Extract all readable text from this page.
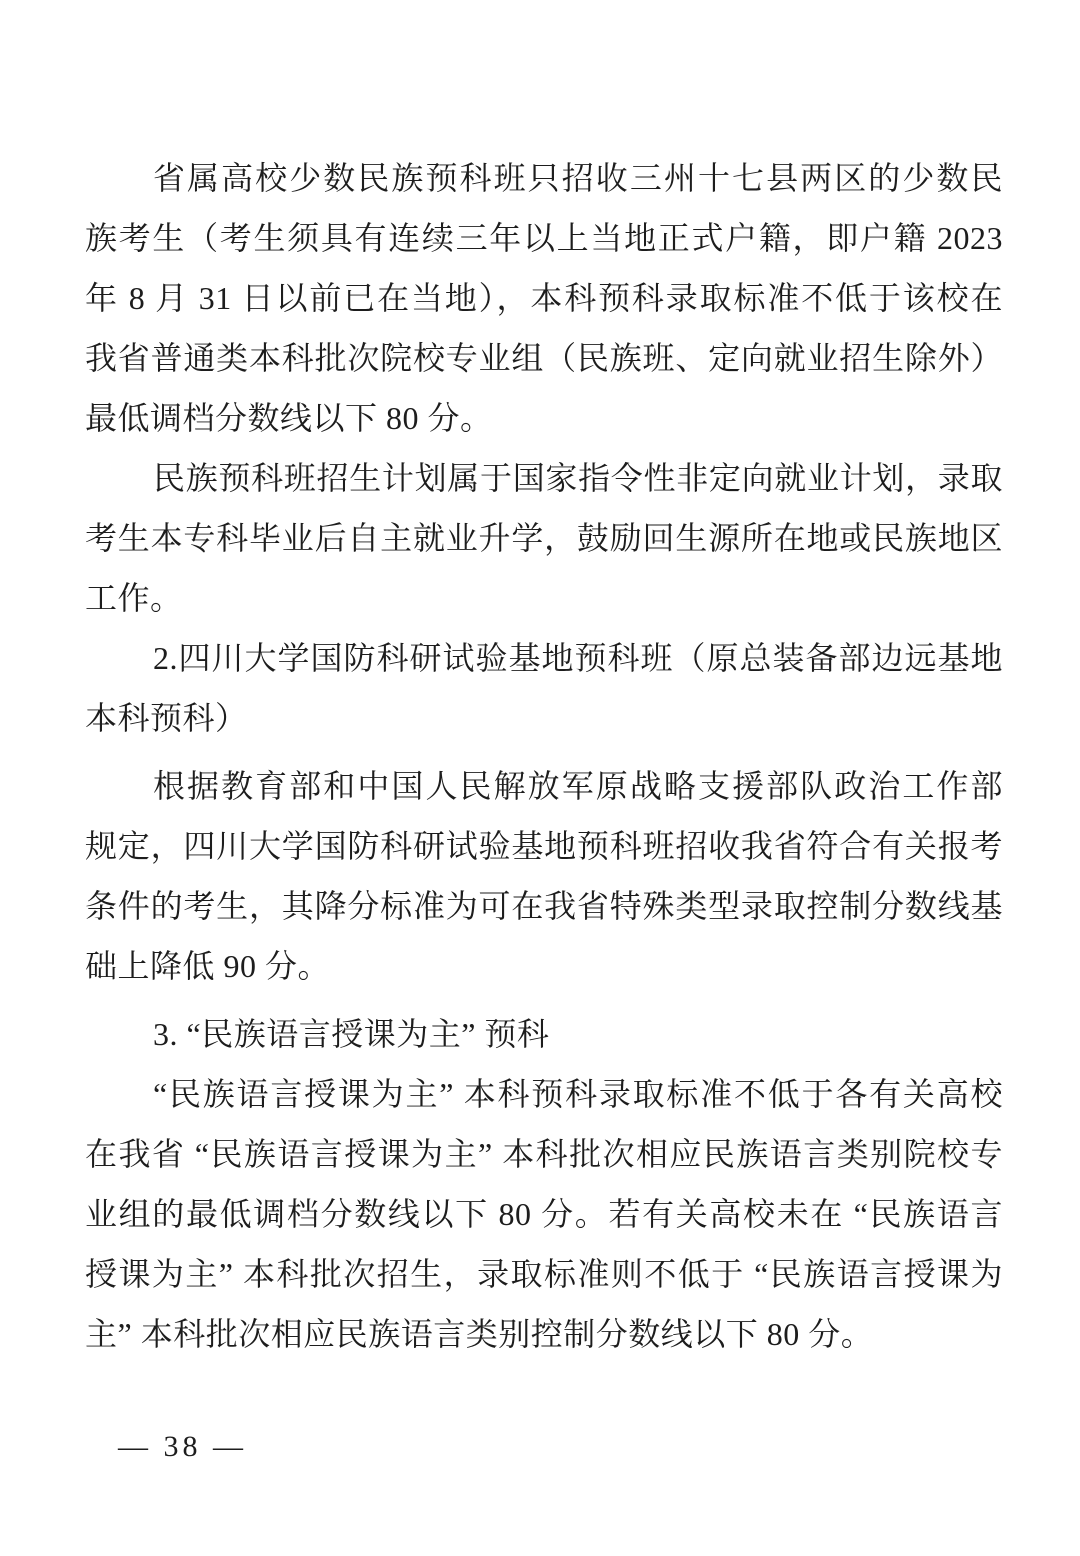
省属高校少数民族预科班只招收三州十七县两区的少数民
族考生（考生须具有连续三年以上当地正式户籍，即户籍 2023
年 8 月 31 日以前已在当地），本科预科录取标准不低于该校在
我省普通类本科批次院校专业组（民族班、定向就业招生除外）
最低调档分数线以下 80 分。
民族预科班招生计划属于国家指令性非定向就业计划，录取
考生本专科毕业后自主就业升学，鼓励回生源所在地或民族地区
工作。
2.四川大学国防科研试验基地预科班（原总装备部边远基地
本科预科）
根据教育部和中国人民解放军原战略支援部队政治工作部
规定，四川大学国防科研试验基地预科班招收我省符合有关报考
条件的考生，其降分标准为可在我省特殊类型录取控制分数线基
础上降低 90 分。
3. “民族语言授课为主” 预科
“民族语言授课为主” 本科预科录取标准不低于各有关高校
在我省 “民族语言授课为主” 本科批次相应民族语言类别院校专
业组的最低调档分数线以下 80 分。若有关高校未在 “民族语言
授课为主” 本科批次招生，录取标准则不低于 “民族语言授课为
主” 本科批次相应民族语言类别控制分数线以下 80 分。
— 38 —
